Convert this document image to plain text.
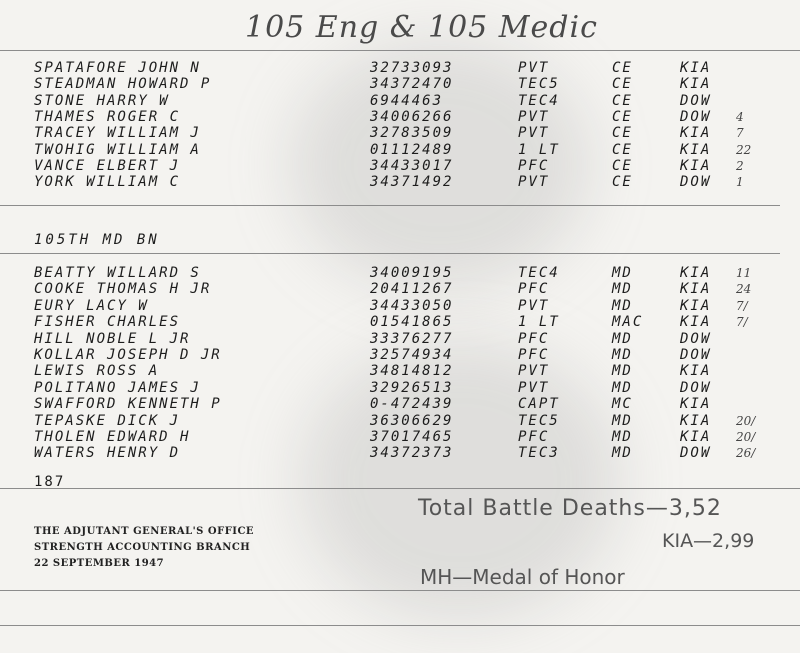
105 Eng & 105 Medic
SPATAFORE JOHN N	32733093	PVT	CE	KIA
STEADMAN HOWARD P	34372470	TEC5	CE	KIA
STONE HARRY W	6944463	TEC4	CE	DOW
THAMES ROGER C	34006266	PVT	CE	DOW 4
TRACEY WILLIAM J	32783509	PVT	CE	KIA 7
TWOHIG WILLIAM A	01112489	1 LT	CE	KIA 22
VANCE ELBERT J	34433017	PFC	CE	KIA 2
YORK WILLIAM C	34371492	PVT	CE	DOW 1
105TH MD BN
BEATTY WILLARD S	34009195	TEC4	MD	KIA 11
COOKE THOMAS H JR	20411267	PFC	MD	KIA 24
EURY LACY W	34433050	PVT	MD	KIA 7/
FISHER CHARLES	01541865	1 LT	MAC	KIA 7/
HILL NOBLE L JR	33376277	PFC	MD	DOW
KOLLAR JOSEPH D JR	32574934	PFC	MD	DOW
LEWIS ROSS A	34814812	PVT	MD	KIA
POLITANO JAMES J	32926513	PVT	MD	DOW
SWAFFORD KENNETH P	0-472439	CAPT	MC	KIA
TEPASKE DICK J	36306629	TEC5	MD	KIA 20/
THOLEN EDWARD H	37017465	PFC	MD	KIA 20/
WATERS HENRY D	34372373	TEC3	MD	DOW 26/
187
Total Battle Deaths—3,52
KIA—2,99
MH—Medal of Honor
THE ADJUTANT GENERAL'S OFFICE
STRENGTH ACCOUNTING BRANCH
22 SEPTEMBER 1947
